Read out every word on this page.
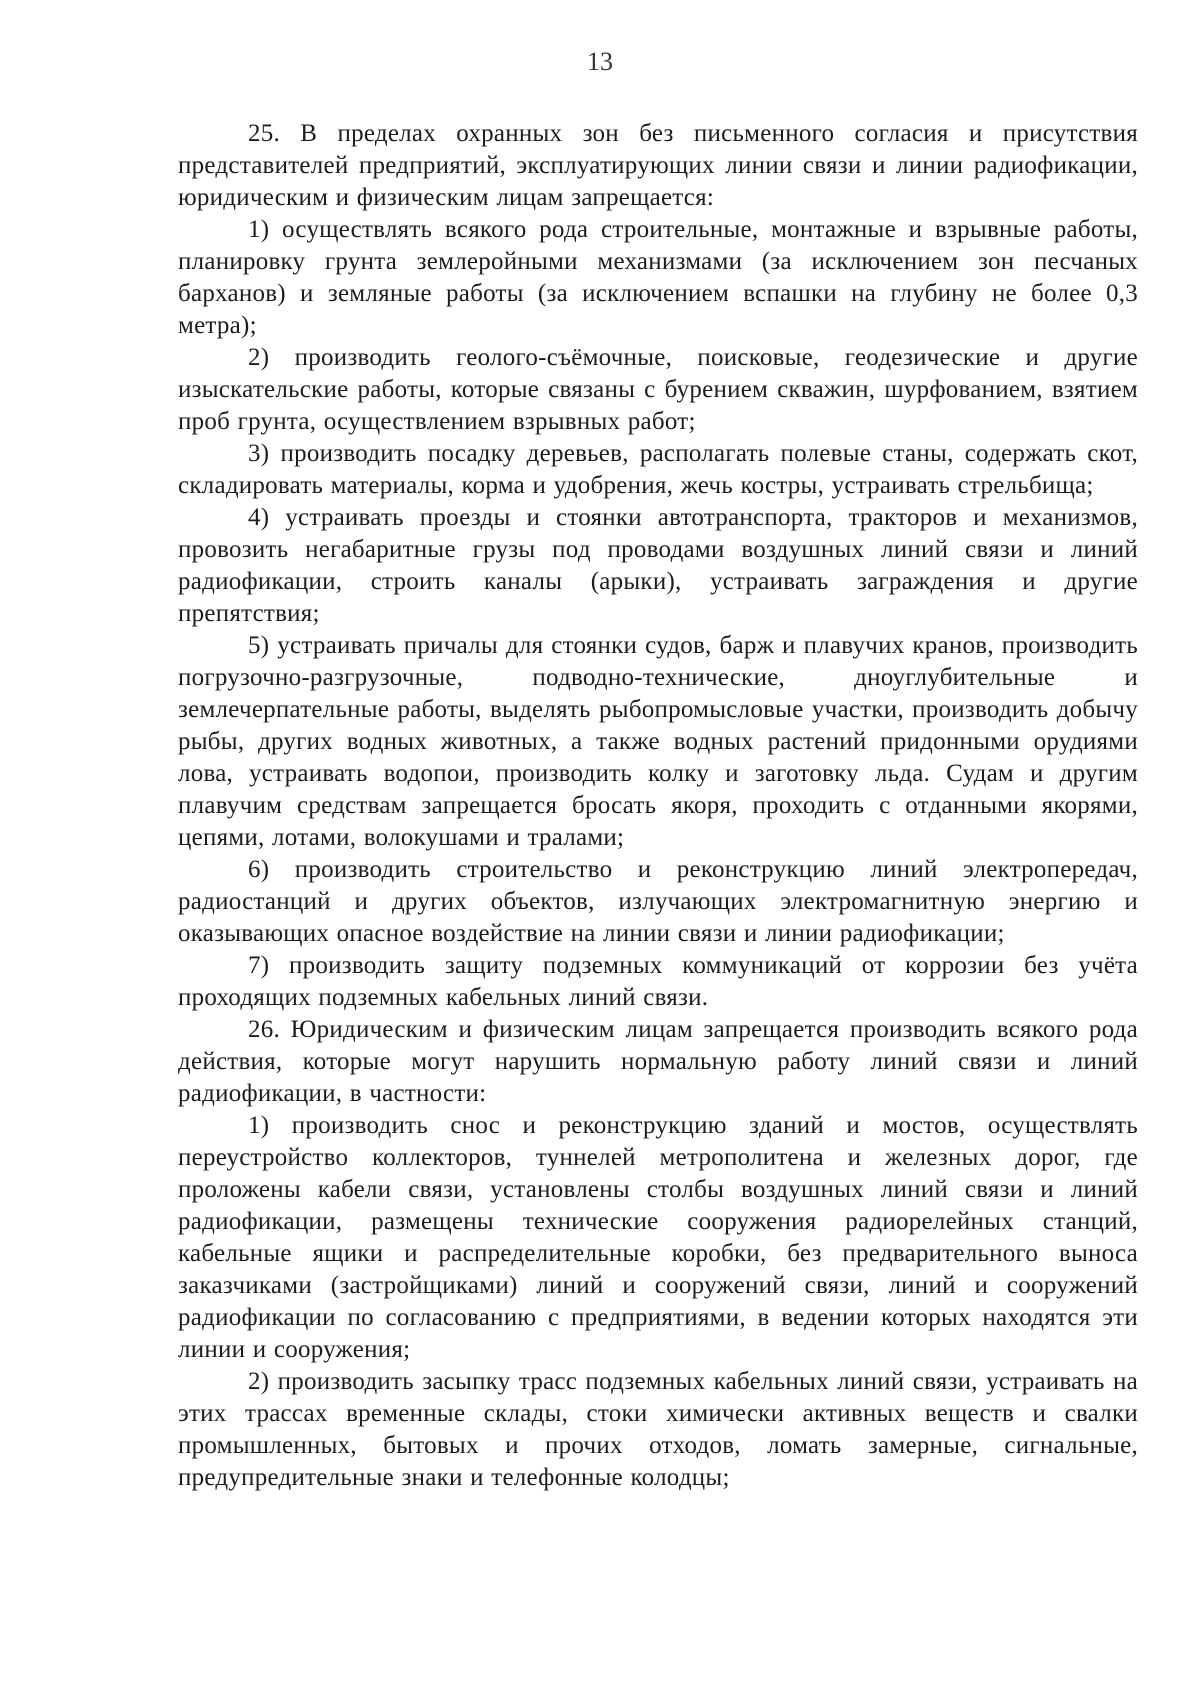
13

25. В пределах охранных зон без письменного согласия и присутствия представителей предприятий, эксплуатирующих линии связи и линии радиофикации, юридическим и физическим лицам запрещается:

1) осуществлять всякого рода строительные, монтажные и взрывные работы, планировку грунта землеройными механизмами (за исключением зон песчаных барханов) и земляные работы (за исключением вспашки на глубину не более 0,3 метра);

2) производить геолого-съёмочные, поисковые, геодезические и другие изыскательские работы, которые связаны с бурением скважин, шурфованием, взятием проб грунта, осуществлением взрывных работ;

3) производить посадку деревьев, располагать полевые станы, содержать скот, складировать материалы, корма и удобрения, жечь костры, устраивать стрельбища;

4) устраивать проезды и стоянки автотранспорта, тракторов и механизмов, провозить негабаритные грузы под проводами воздушных линий связи и линий радиофикации, строить каналы (арыки), устраивать заграждения и другие препятствия;

5) устраивать причалы для стоянки судов, барж и плавучих кранов, производить погрузочно-разгрузочные, подводно-технические, дноуглубительные и землечерпательные работы, выделять рыбопромысловые участки, производить добычу рыбы, других водных животных, а также водных растений придонными орудиями лова, устраивать водопои, производить колку и заготовку льда. Судам и другим плавучим средствам запрещается бросать якоря, проходить с отданными якорями, цепями, лотами, волокушами и тралами;

6) производить строительство и реконструкцию линий электропередач, радиостанций и других объектов, излучающих электромагнитную энергию и оказывающих опасное воздействие на линии связи и линии радиофикации;

7) производить защиту подземных коммуникаций от коррозии без учёта проходящих подземных кабельных линий связи.

26. Юридическим и физическим лицам запрещается производить всякого рода действия, которые могут нарушить нормальную работу линий связи и линий радиофикации, в частности:

1) производить снос и реконструкцию зданий и мостов, осуществлять переустройство коллекторов, туннелей метрополитена и железных дорог, где проложены кабели связи, установлены столбы воздушных линий связи и линий радиофикации, размещены технические сооружения радиорелейных станций, кабельные ящики и распределительные коробки, без предварительного выноса заказчиками (застройщиками) линий и сооружений связи, линий и сооружений радиофикации по согласованию с предприятиями, в ведении которых находятся эти линии и сооружения;

2) производить засыпку трасс подземных кабельных линий связи, устраивать на этих трассах временные склады, стоки химически активных веществ и свалки промышленных, бытовых и прочих отходов, ломать замерные, сигнальные, предупредительные знаки и телефонные колодцы;
